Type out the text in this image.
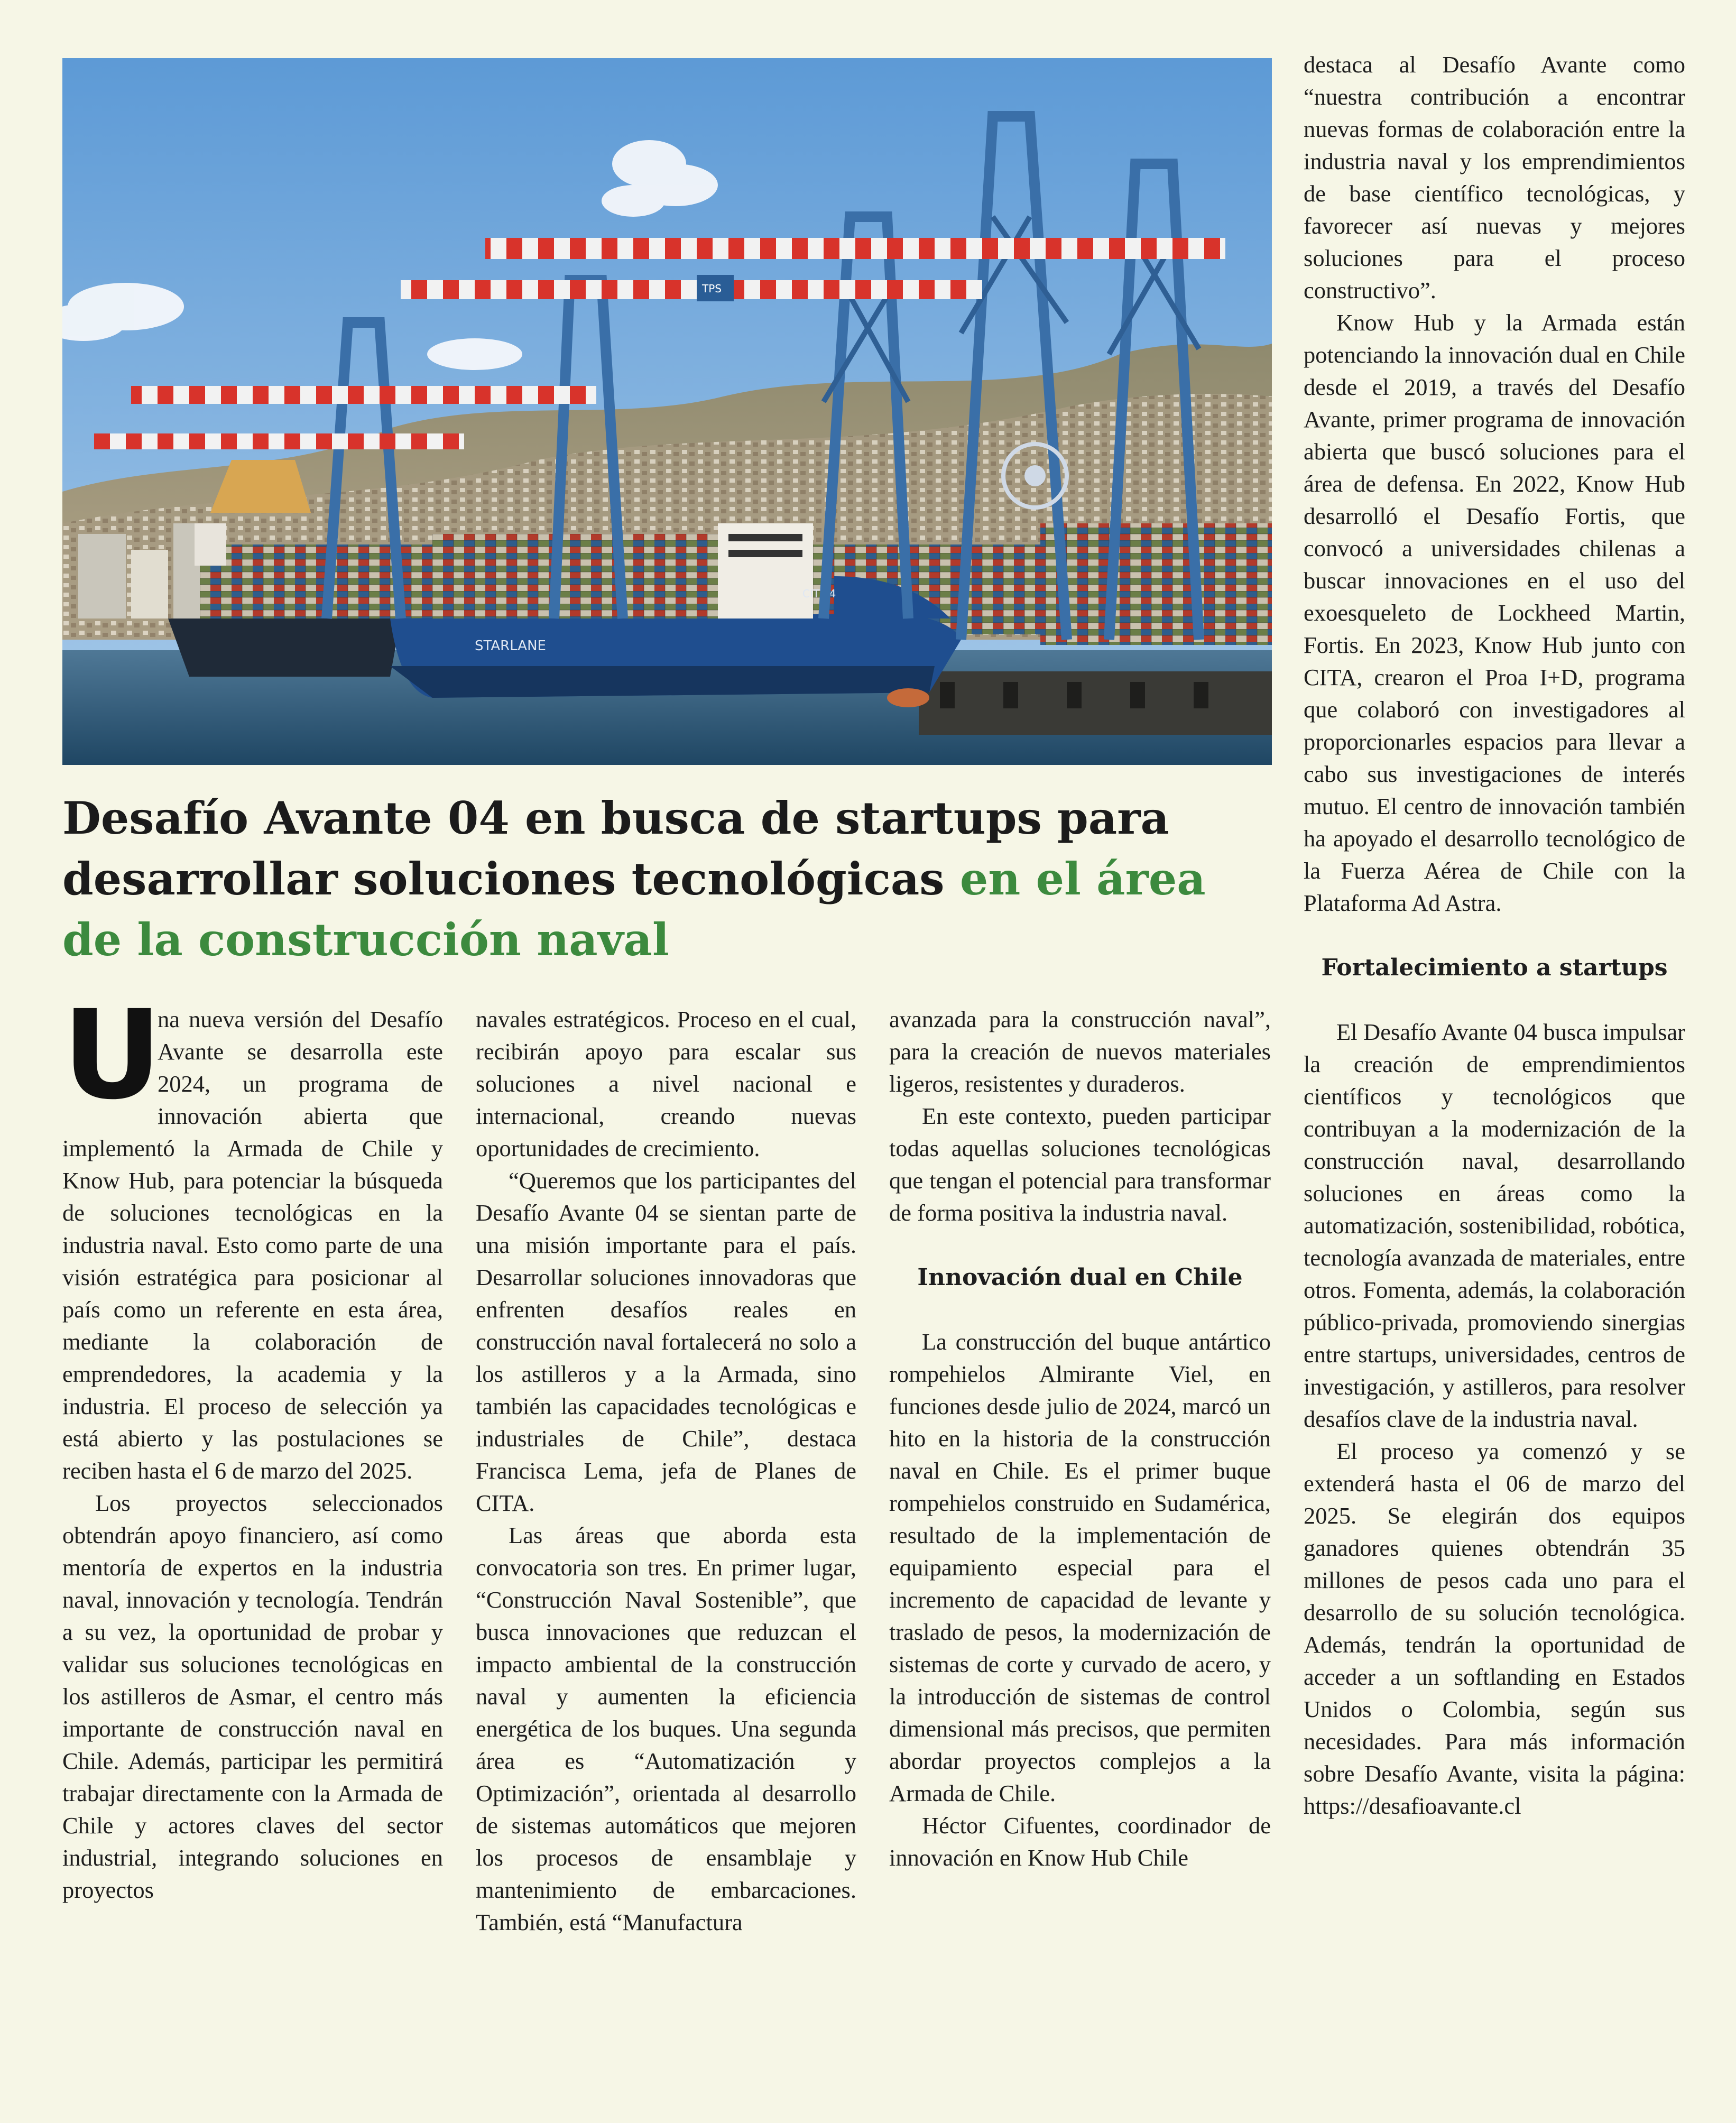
STARLANE
CITY 4
TPS
Desafío Avante 04 en busca de startups para desarrollar soluciones tecnológicas en el área de la construcción naval
U

na nueva versión del Desafío Avante se desarrolla este 2024, un programa de innovación abierta que implementó la Armada de Chile y Know Hub, para potenciar la búsqueda de soluciones tecnológicas en la industria naval. Esto como parte de una visión estratégica para posicionar al país como un referente en esta área, mediante la colaboración de emprendedores, la academia y la industria. El proceso de selección ya está abierto y las postulaciones se reciben hasta el 6 de marzo del 2025.

Los proyectos seleccionados obtendrán apoyo financiero, así como mentoría de expertos en la industria naval, innovación y tecnología. Tendrán a su vez, la oportunidad de probar y validar sus soluciones tecnológicas en los astilleros de Asmar, el centro más importante de construcción naval en Chile. Además, participar les permitirá trabajar directamente con la Armada de Chile y actores claves del sector industrial, integrando soluciones en proyectos

navales estratégicos. Proceso en el cual, recibirán apoyo para escalar sus soluciones a nivel nacional e internacional, creando nuevas oportunidades de crecimiento.

“Queremos que los participantes del Desafío Avante 04 se sientan parte de una misión importante para el país. Desarrollar soluciones innovadoras que enfrenten desafíos reales en construcción naval fortalecerá no solo a los astilleros y a la Armada, sino también las capacidades tecnológicas e industriales de Chile”, destaca Francisca Lema, jefa de Planes de CITA.

Las áreas que aborda esta convocatoria son tres. En primer lugar, “Construcción Naval Sostenible”, que busca innovaciones que reduzcan el impacto ambiental de la construcción naval y aumenten la eficiencia energética de los buques. Una segunda área es “Automatización y Optimización”, orientada al desarrollo de sistemas automáticos que mejoren los procesos de ensamblaje y mantenimiento de embarcaciones. También, está “Manufactura

avanzada para la construcción naval”, para la creación de nuevos materiales ligeros, resistentes y duraderos.

En este contexto, pueden participar todas aquellas soluciones tecnológicas que tengan el potencial para transformar de forma positiva la industria naval.

Innovación dual en Chile

La construcción del buque antártico rompehielos Almirante Viel, en funciones desde julio de 2024, marcó un hito en la historia de la construcción naval en Chile. Es el primer buque rompehielos construido en Sudamérica, resultado de la implementación de equipamiento especial para el incremento de capacidad de levante y traslado de pesos, la modernización de sistemas de corte y curvado de acero, y la introducción de sistemas de control dimensional más precisos, que permiten abordar proyectos complejos a la Armada de Chile.

Héctor Cifuentes, coordinador de innovación en Know Hub Chile

destaca al Desafío Avante como “nuestra contribución a encontrar nuevas formas de colaboración entre la industria naval y los emprendimientos de base científico tecnológicas, y favorecer así nuevas y mejores soluciones para el proceso constructivo”.

Know Hub y la Armada están potenciando la innovación dual en Chile desde el 2019, a través del Desafío Avante, primer programa de innovación abierta que buscó soluciones para el área de defensa. En 2022, Know Hub desarrolló el Desafío Fortis, que convocó a universidades chilenas a buscar innovaciones en el uso del exoesqueleto de Lockheed Martin, Fortis. En 2023, Know Hub junto con CITA, crearon el Proa I+D, programa que colaboró con investigadores al proporcionarles espacios para llevar a cabo sus investigaciones de interés mutuo. El centro de innovación también ha apoyado el desarrollo tecnológico de la Fuerza Aérea de Chile con la Plataforma Ad Astra.

Fortalecimiento a startups

El Desafío Avante 04 busca impulsar la creación de emprendimientos científicos y tecnológicos que contribuyan a la modernización de la construcción naval, desarrollando soluciones en áreas como la automatización, sostenibilidad, robótica, tecnología avanzada de materiales, entre otros. Fomenta, además, la colaboración público-privada, promoviendo sinergias entre startups, universidades, centros de investigación, y astilleros, para resolver desafíos clave de la industria naval.

El proceso ya comenzó y se extenderá hasta el 06 de marzo del 2025. Se elegirán dos equipos ganadores quienes obtendrán 35 millones de pesos cada uno para el desarrollo de su solución tecnológica. Además, tendrán la oportunidad de acceder a un softlanding en Estados Unidos o Colombia, según sus necesidades. Para más información sobre Desafío Avante, visita la página: https://desafioavante.cl
